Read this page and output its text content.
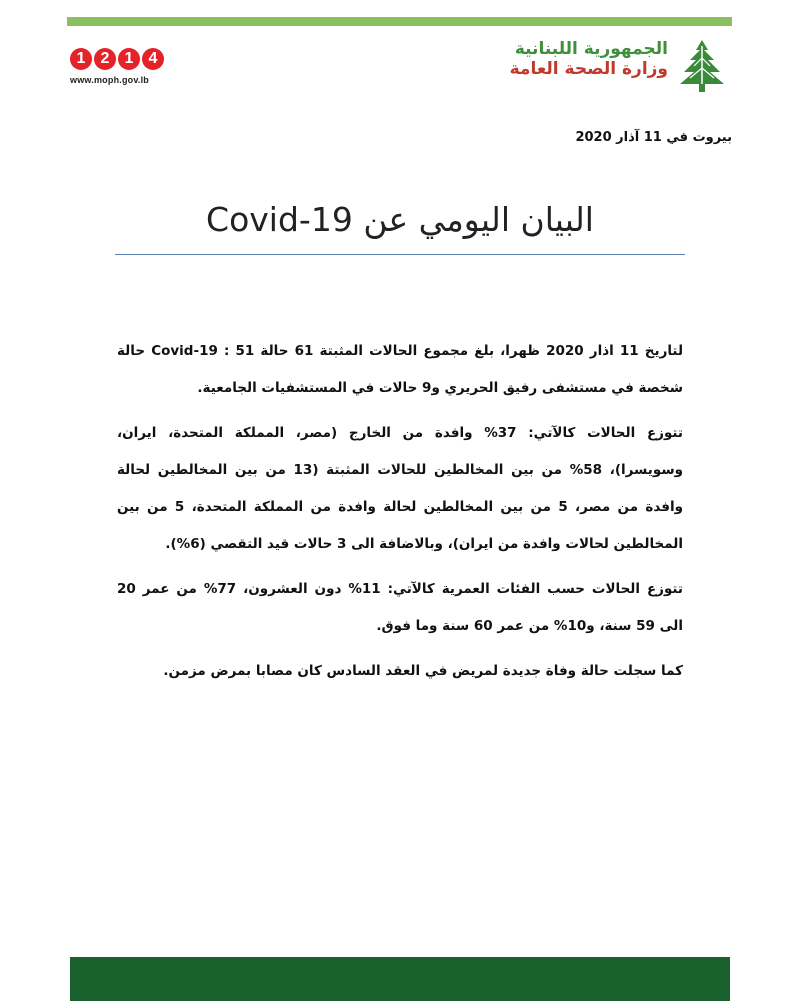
1 2 1 4
www.moph.gov.lb
الجمهورية اللبنانية
وزارة الصحة العامة
بيروت في 11 آذار 2020
البيان اليومي عن Covid-19

لتاريخ 11 اذار 2020 ظهرا، بلغ مجموع الحالات المثبتة 61 حالة Covid-19 : 51 حالة شخصة في مستشفى رفيق الحريري و9 حالات في المستشفيات الجامعية.

تتوزع الحالات كالآتي: 37% وافدة من الخارج (مصر، المملكة المتحدة، ايران، وسويسرا)، 58% من بين المخالطين للحالات المثبتة (13 من بين المخالطين لحالة وافدة من مصر، 5 من بين المخالطين لحالة وافدة من المملكة المتحدة، 5 من بين المخالطين لحالات وافدة من ايران)، وبالاضافة الى 3 حالات قيد التقصي (6%).

تتوزع الحالات حسب الفئات العمرية كالآتي: 11% دون العشرون، 77% من عمر 20 الى 59 سنة، و10% من عمر 60 سنة وما فوق.

كما سجلت حالة وفاة جديدة لمريض في العقد السادس كان مصابا بمرض مزمن.
